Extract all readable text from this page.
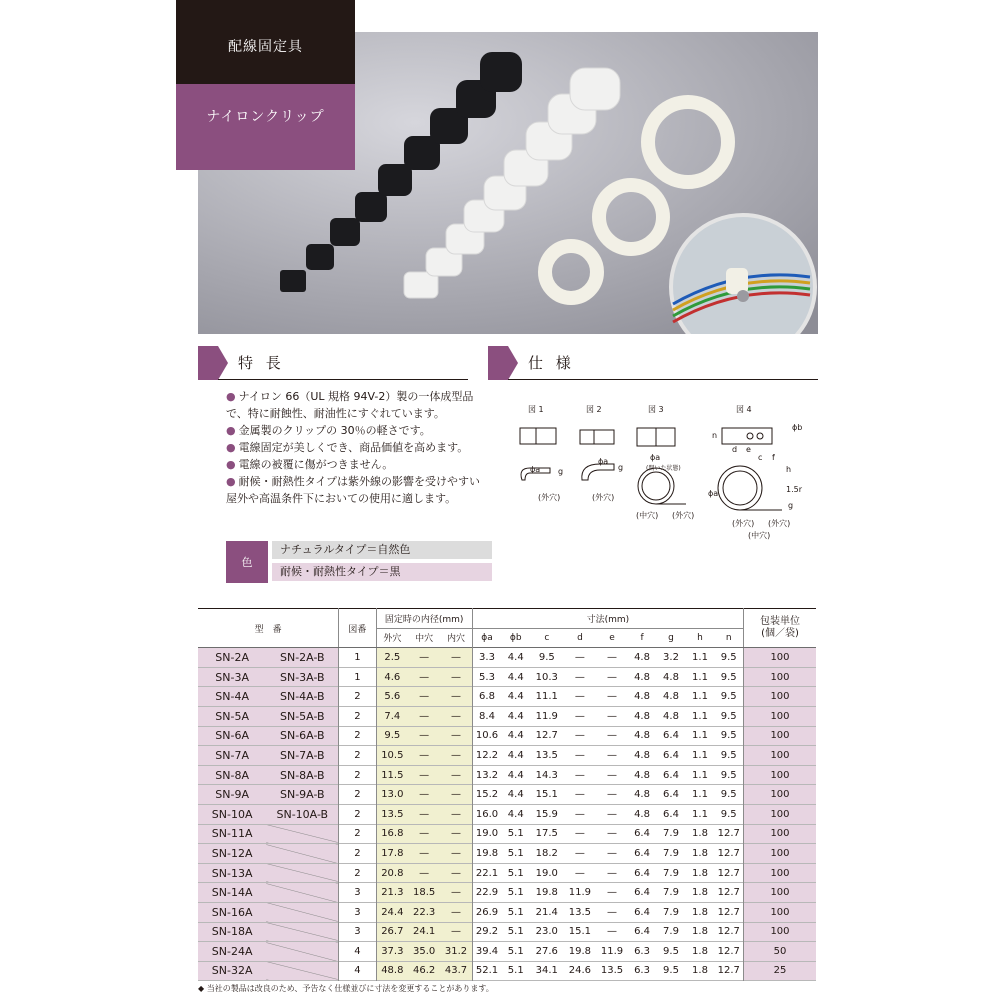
配線固定具
ナイロンクリップ
特 長
● ナイロン 66（UL 規格 94V-2）製の一体成型品で、特に耐蝕性、耐油性にすぐれています。
● 金属製のクリップの 30％の軽さです。
● 電線固定が美しくでき、商品価値を高めます。
● 電線の被覆に傷がつきません。
● 耐候・耐熱性タイプは紫外線の影響を受けやすい屋外や高温条件下においての使用に適します。
色
ナチュラルタイプ＝自然色
耐候・耐熱性タイプ＝黒
仕 様
図 1	図 2	図 3	図 4
ϕa g
(外穴)
ϕa
g
(外穴)
ϕa
(開いた状態)
(中穴) (外穴)
n
ϕb
d e
c f
h
ϕa	1.5r
g
(外穴) (外穴)
(中穴)
型　番		図番	固定時の内径(mm)			寸法(mm)									包装単位
(個／袋)

			外穴	中穴	内穴	ϕa	ϕb	c	d	e	f	g	h	n	
SN-2A	SN-2A-B	1	2.5	—	—	3.3	4.4	9.5	—	—	4.8	3.2	1.1	9.5	100
SN-3A	SN-3A-B	1	4.6	—	—	5.3	4.4	10.3	—	—	4.8	4.8	1.1	9.5	100
SN-4A	SN-4A-B	2	5.6	—	—	6.8	4.4	11.1	—	—	4.8	4.8	1.1	9.5	100
SN-5A	SN-5A-B	2	7.4	—	—	8.4	4.4	11.9	—	—	4.8	4.8	1.1	9.5	100
SN-6A	SN-6A-B	2	9.5	—	—	10.6	4.4	12.7	—	—	4.8	6.4	1.1	9.5	100
SN-7A	SN-7A-B	2	10.5	—	—	12.2	4.4	13.5	—	—	4.8	6.4	1.1	9.5	100
SN-8A	SN-8A-B	2	11.5	—	—	13.2	4.4	14.3	—	—	4.8	6.4	1.1	9.5	100
SN-9A	SN-9A-B	2	13.0	—	—	15.2	4.4	15.1	—	—	4.8	6.4	1.1	9.5	100
SN-10A	SN-10A-B	2	13.5	—	—	16.0	4.4	15.9	—	—	4.8	6.4	1.1	9.5	100
SN-11A		2	16.8	—	—	19.0	5.1	17.5	—	—	6.4	7.9	1.8	12.7	100
SN-12A		2	17.8	—	—	19.8	5.1	18.2	—	—	6.4	7.9	1.8	12.7	100
SN-13A		2	20.8	—	—	22.1	5.1	19.0	—	—	6.4	7.9	1.8	12.7	100
SN-14A		3	21.3	18.5	—	22.9	5.1	19.8	11.9	—	6.4	7.9	1.8	12.7	100
SN-16A		3	24.4	22.3	—	26.9	5.1	21.4	13.5	—	6.4	7.9	1.8	12.7	100
SN-18A		3	26.7	24.1	—	29.2	5.1	23.0	15.1	—	6.4	7.9	1.8	12.7	100
SN-24A		4	37.3	35.0	31.2	39.4	5.1	27.6	19.8	11.9	6.3	9.5	1.8	12.7	50
SN-32A		4	48.8	46.2	43.7	52.1	5.1	34.1	24.6	13.5	6.3	9.5	1.8	12.7	25
◆ 当社の製品は改良のため、予告なく仕様並びに寸法を変更することがあります。
